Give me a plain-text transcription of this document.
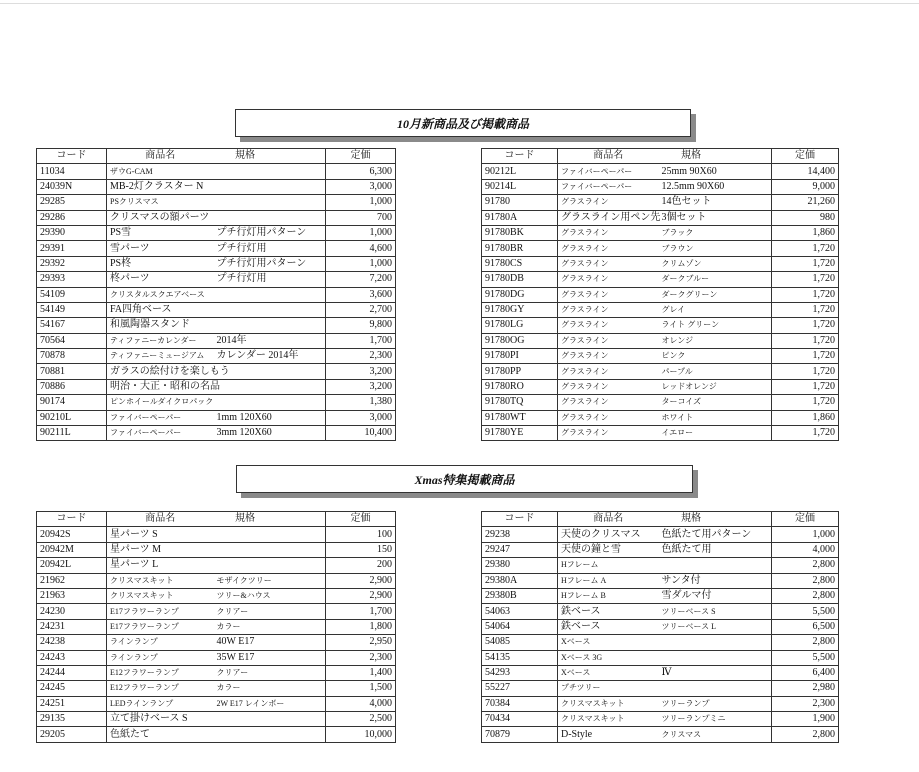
10月新商品及び掲載商品
コード	商品名	規格	定価
11034	ザウG-CAM		6,300
24039N	MB-2灯クラスター N		3,000
29285	PSクリスマス		1,000
29286	クリスマスの額パーツ		700
29390	PS雪	プチ行灯用パターン	1,000
29391	雪パーツ	プチ行灯用	4,600
29392	PS柊	プチ行灯用パターン	1,000
29393	柊パーツ	プチ行灯用	7,200
54109	クリスタルスクエアベース		3,600
54149	FA四角ベース		2,700
54167	和風陶器スタンド		9,800
70564	ティファニーカレンダー	2014年	1,700
70878	ティファニーミュージアム	カレンダー 2014年	2,300
70881	ガラスの絵付けを楽しもう		3,200
70886	明治・大正・昭和の名品		3,200
90174	ピンホイールダイクロパック		1,380
90210L	ファイバーペーパー	1mm 120X60	3,000
90211L	ファイバーペーパー	3mm 120X60	10,400
コード	商品名	規格	定価
90212L	ファイバーペーパー	25mm 90X60	14,400
90214L	ファイバーペーパー	12.5mm 90X60	9,000
91780	グラスライン	14色セット	21,260
91780A	グラスライン用ペン先	3個セット	980
91780BK	グラスライン	ブラック	1,860
91780BR	グラスライン	ブラウン	1,720
91780CS	グラスライン	クリムゾン	1,720
91780DB	グラスライン	ダークブルー	1,720
91780DG	グラスライン	ダークグリーン	1,720
91780GY	グラスライン	グレイ	1,720
91780LG	グラスライン	ライト グリーン	1,720
91780OG	グラスライン	オレンジ	1,720
91780PI	グラスライン	ピンク	1,720
91780PP	グラスライン	パープル	1,720
91780RO	グラスライン	レッドオレンジ	1,720
91780TQ	グラスライン	ターコイズ	1,720
91780WT	グラスライン	ホワイト	1,860
91780YE	グラスライン	イエロー	1,720
Xmas特集掲載商品
コード	商品名	規格	定価
20942S	星パーツ S		100
20942M	星パーツ M		150
20942L	星パーツ L		200
21962	クリスマスキット	モザイクツリー	2,900
21963	クリスマスキット	ツリー&ハウス	2,900
24230	E17フラワーランプ	クリアー	1,700
24231	E17フラワーランプ	カラー	1,800
24238	ラインランプ	40W E17	2,950
24243	ラインランプ	35W E17	2,300
24244	E12フラワーランプ	クリアー	1,400
24245	E12フラワーランプ	カラー	1,500
24251	LEDラインランプ	2W E17 レインボー	4,000
29135	立て掛けベース S		2,500
29205	色紙たて		10,000
コード	商品名	規格	定価
29238	天使のクリスマス	色紙たて用パターン	1,000
29247	天使の鐘と雪	色紙たて用	4,000
29380	Hフレーム		2,800
29380A	Hフレーム A	サンタ付	2,800
29380B	Hフレーム B	雪ダルマ付	2,800
54063	鉄ベース	ツリーベース S	5,500
54064	鉄ベース	ツリーベース L	6,500
54085	Xベース		2,800
54135	Xベース 3G		5,500
54293	Xベース	Ⅳ	6,400
55227	プチツリー		2,980
70384	クリスマスキット	ツリーランプ	2,300
70434	クリスマスキット	ツリーランプミニ	1,900
70879	D-Style	クリスマス	2,800
